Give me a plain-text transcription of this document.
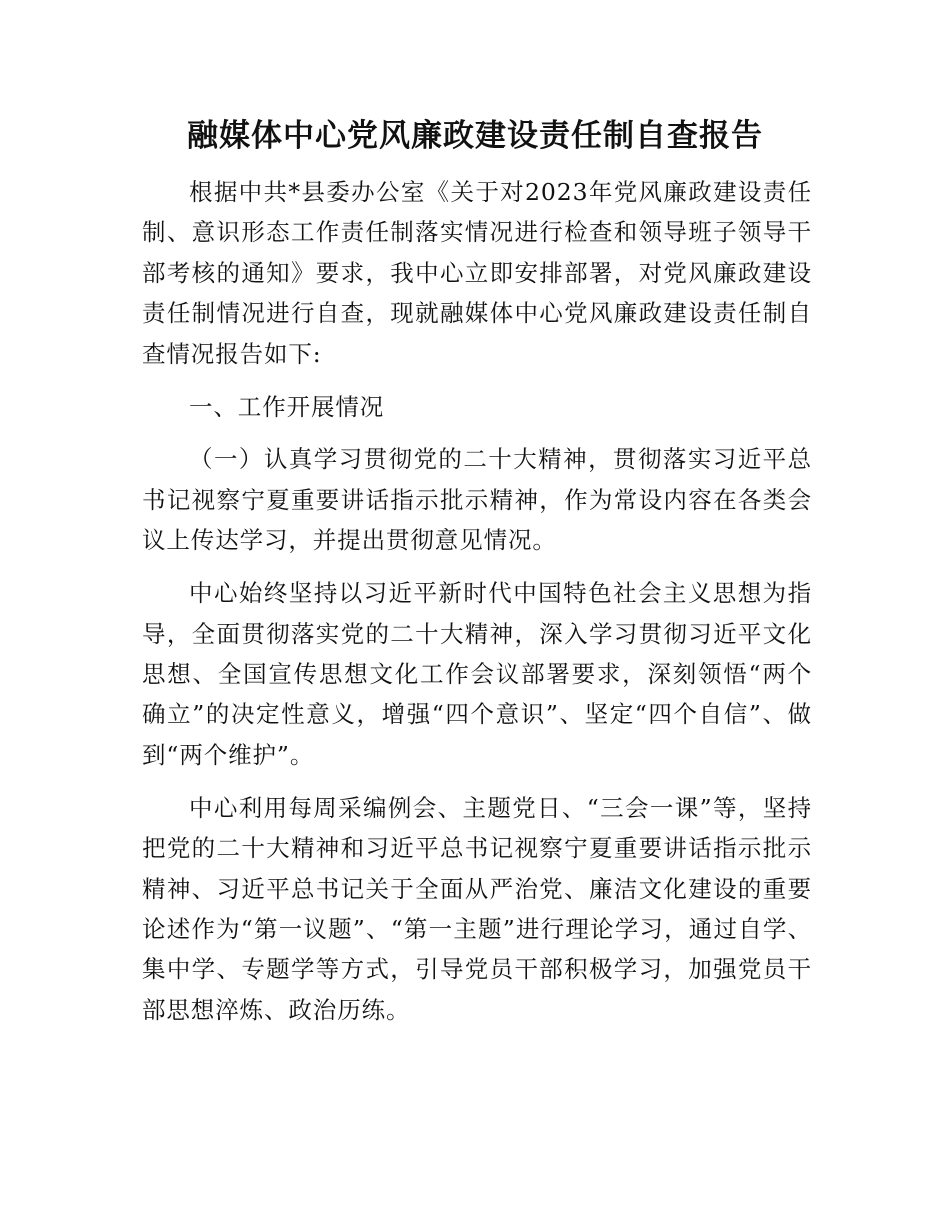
融媒体中心党风廉政建设责任制自查报告

根据中共*县委办公室《关于对2023年党风廉政建设责任制、意识形态工作责任制落实情况进行检查和领导班子领导干部考核的通知》要求，我中心立即安排部署，对党风廉政建设责任制情况进行自查，现就融媒体中心党风廉政建设责任制自查情况报告如下:

一、工作开展情况

（一）认真学习贯彻党的二十大精神，贯彻落实习近平总书记视察宁夏重要讲话指示批示精神，作为常设内容在各类会议上传达学习，并提出贯彻意见情况。

中心始终坚持以习近平新时代中国特色社会主义思想为指导，全面贯彻落实党的二十大精神，深入学习贯彻习近平文化思想、全国宣传思想文化工作会议部署要求，深刻领悟“两个确立”的决定性意义，增强“四个意识”、坚定“四个自信”、做到“两个维护”。

中心利用每周采编例会、主题党日、“三会一课”等，坚持把党的二十大精神和习近平总书记视察宁夏重要讲话指示批示精神、习近平总书记关于全面从严治党、廉洁文化建设的重要论述作为“第一议题”、“第一主题”进行理论学习，通过自学、集中学、专题学等方式，引导党员干部积极学习，加强党员干部思想淬炼、政治历练。
